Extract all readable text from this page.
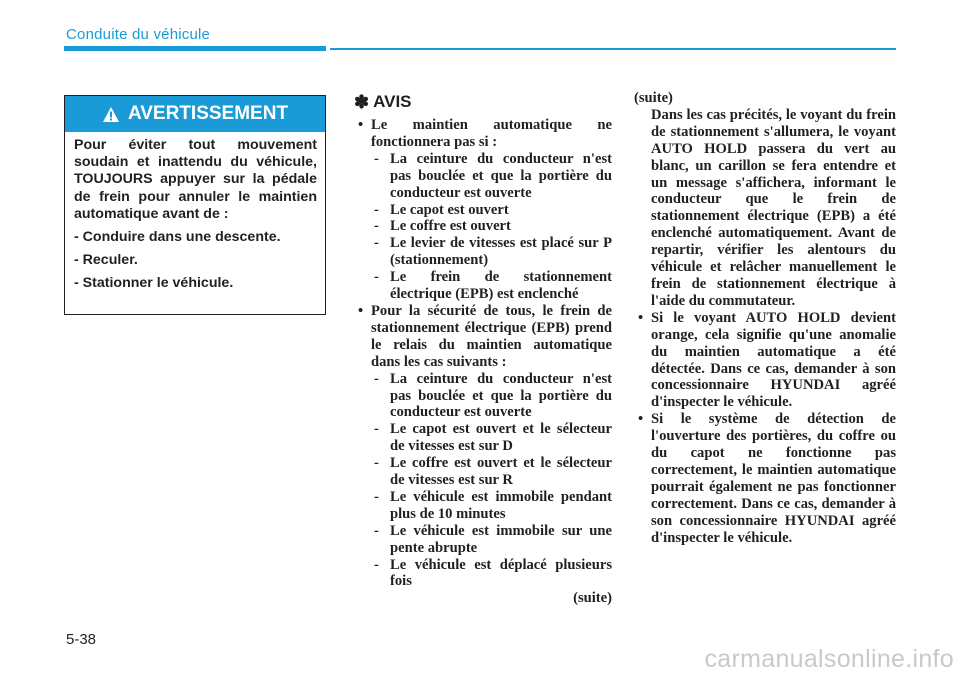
Conduite du véhicule
AVERTISSEMENT

Pour éviter tout mouvement soudain et inattendu du véhicule, TOUJOURS appuyer sur la pédale de frein pour annuler le maintien automatique avant de :

- Conduire dans une descente.

- Reculer.

- Stationner le véhicule.

✽ AVIS
• Le maintien automatique ne fonctionnera pas si :
- La ceinture du conducteur n'est pas bouclée et que la portière du conducteur est ouverte
- Le capot est ouvert
- Le coffre est ouvert
- Le levier de vitesses est placé sur P (stationnement)
- Le frein de stationnement électrique (EPB) est enclenché
• Pour la sécurité de tous, le frein de stationnement électrique (EPB) prend le relais du maintien automatique dans les cas suivants :
- La ceinture du conducteur n'est pas bouclée et que la portière du conducteur est ouverte
- Le capot est ouvert et le sélecteur de vitesses est sur D
- Le coffre est ouvert et le sélecteur de vitesses est sur R
- Le véhicule est immobile pendant plus de 10 minutes
- Le véhicule est immobile sur une pente abrupte
- Le véhicule est déplacé plusieurs fois
(suite)
(suite)
Dans les cas précités, le voyant du frein de stationnement s'allumera, le voyant AUTO HOLD passera du vert au blanc, un carillon se fera entendre et un message s'affichera, informant le conducteur que le frein de stationnement électrique (EPB) a été enclenché automatiquement. Avant de repartir, vérifier les alentours du véhicule et relâcher manuellement le frein de stationnement électrique à l'aide du commutateur.
• Si le voyant AUTO HOLD devient orange, cela signifie qu'une anomalie du maintien automatique a été détectée. Dans ce cas, demander à son concessionnaire HYUNDAI agréé d'inspecter le véhicule.
• Si le système de détection de l'ouverture des portières, du coffre ou du capot ne fonctionne pas correctement, le maintien automatique pourrait également ne pas fonctionner correctement. Dans ce cas, demander à son concessionnaire HYUNDAI agréé d'inspecter le véhicule.
5-38
carmanualsonline.info
